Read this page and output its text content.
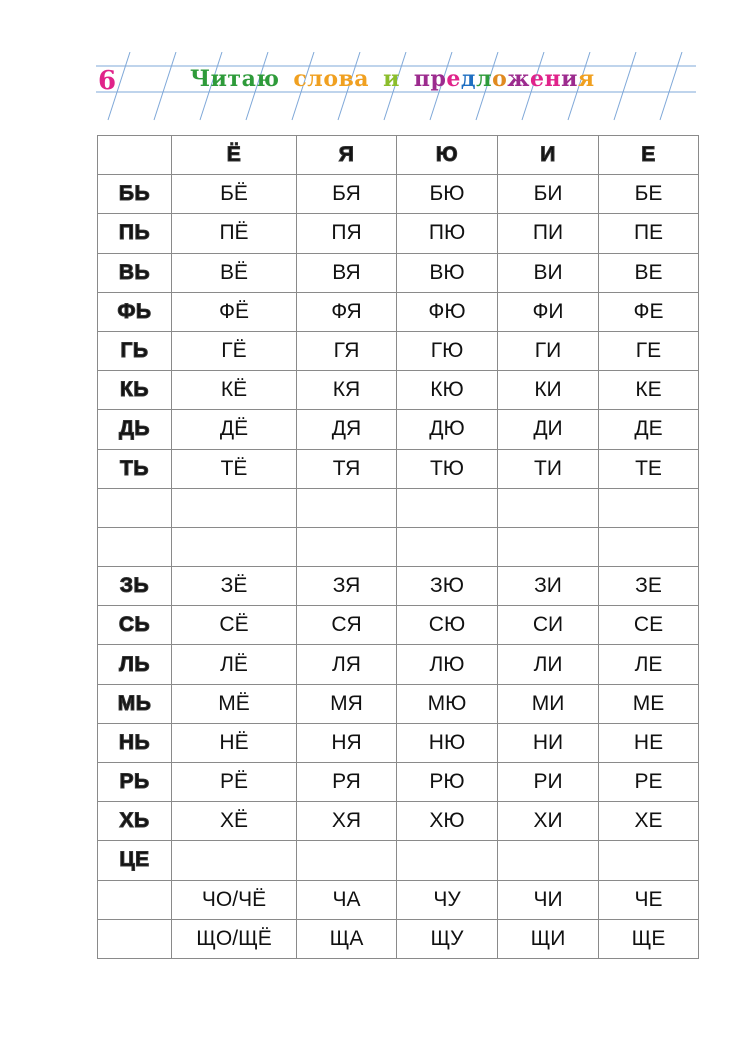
6	Читаю слова и предложения
	Ё	Я	Ю	И	Е
БЬ	БЁ	БЯ	БЮ	БИ	БЕ
ПЬ	ПЁ	ПЯ	ПЮ	ПИ	ПЕ
ВЬ	ВЁ	ВЯ	ВЮ	ВИ	ВЕ
ФЬ	ФЁ	ФЯ	ФЮ	ФИ	ФЕ
ГЬ	ГЁ	ГЯ	ГЮ	ГИ	ГЕ
КЬ	КЁ	КЯ	КЮ	КИ	КЕ
ДЬ	ДЁ	ДЯ	ДЮ	ДИ	ДЕ
ТЬ	ТЁ	ТЯ	ТЮ	ТИ	ТЕ

ЗЬ	ЗЁ	ЗЯ	ЗЮ	ЗИ	ЗЕ
СЬ	СЁ	СЯ	СЮ	СИ	СЕ
ЛЬ	ЛЁ	ЛЯ	ЛЮ	ЛИ	ЛЕ
МЬ	МЁ	МЯ	МЮ	МИ	МЕ
НЬ	НЁ	НЯ	НЮ	НИ	НЕ
РЬ	РЁ	РЯ	РЮ	РИ	РЕ
ХЬ	ХЁ	ХЯ	ХЮ	ХИ	ХЕ
ЦЕ					
	ЧО/ЧЁ	ЧА	ЧУ	ЧИ	ЧЕ
	ЩО/ЩЁ	ЩА	ЩУ	ЩИ	ЩЕ
